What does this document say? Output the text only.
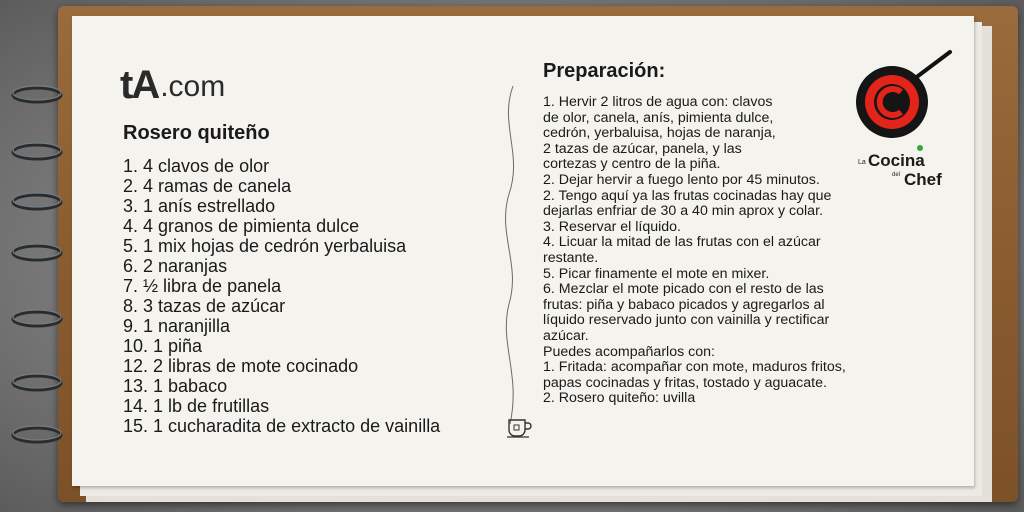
tA .com
Rosero quiteño
1. 4 clavos de olor
2. 4 ramas de canela
3. 1 anís estrellado
4. 4 granos de pimienta dulce
5. 1 mix hojas de cedrón yerbaluisa
6. 2 naranjas
7. ½ libra de panela
8. 3 tazas de azúcar
9. 1 naranjilla
10. 1 piña
12. 2 libras de mote cocinado
13. 1 babaco
14. 1 lb de frutillas
15. 1 cucharadita de extracto de vainilla
Preparación:

1. Hervir 2 litros de agua con: clavos

de olor, canela, anís, pimienta dulce,

cedrón, yerbaluisa, hojas de naranja,

2 tazas de azúcar, panela, y las

cortezas y centro de la piña.

2. Dejar hervir a fuego lento por 45 minutos.

2. Tengo aquí ya las frutas cocinadas hay que

dejarlas enfriar de 30 a 40 min aprox y colar.

3. Reservar el líquido.

4. Licuar la mitad de las frutas con el azúcar

restante.

5. Picar finamente el mote en mixer.

6. Mezclar el mote picado con el resto de las

frutas: piña y babaco picados y agregarlos al

líquido reservado junto con vainilla y rectificar

azúcar.

Puedes acompañarlos con:

1. Fritada: acompañar con mote, maduros fritos,

papas cocinadas y fritas, tostado y aguacate.

2. Rosero quiteño: uvilla

La Cocina
del Chef
